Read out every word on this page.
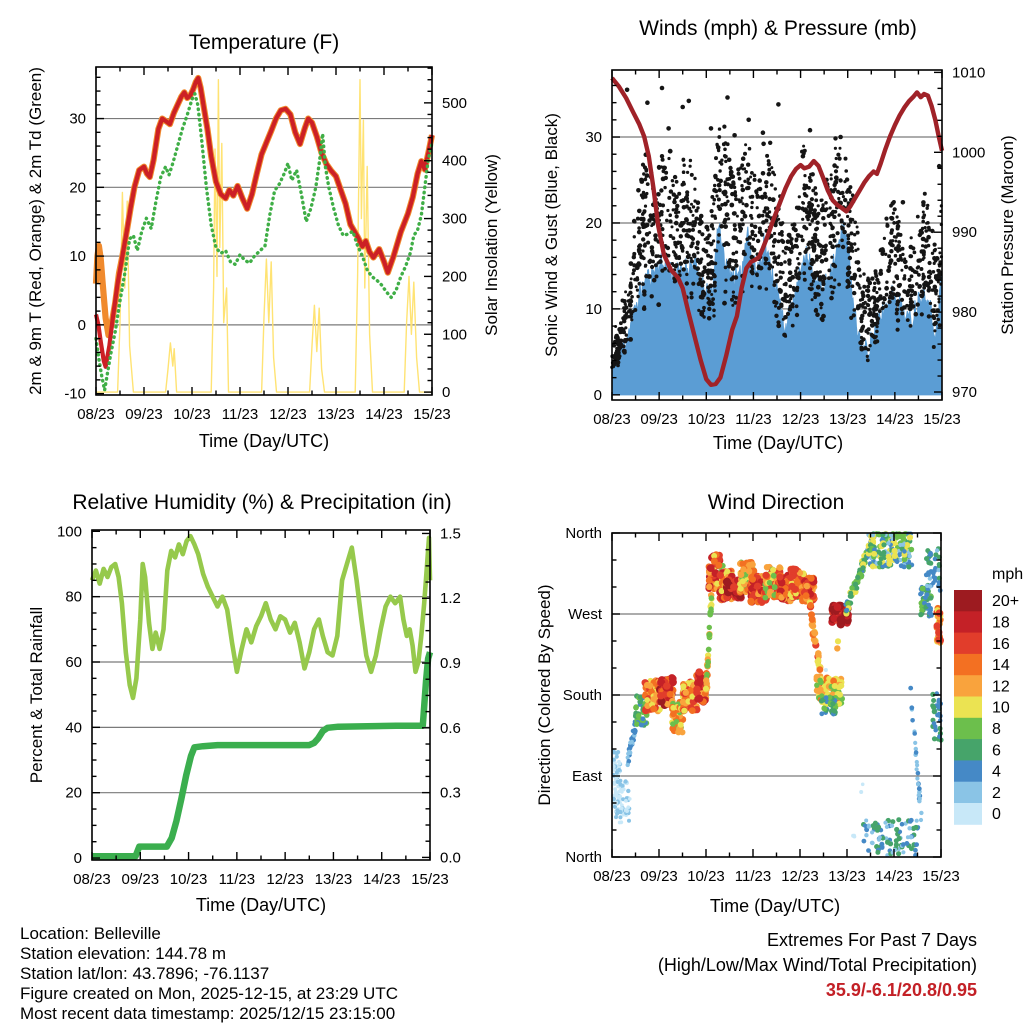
08/23 09/23 10/23 11/23 12/23 13/23 14/23 15/23
-10
0
10
20
30
0
100
200
300
400
500
08/23 09/23 10/23 11/23 12/23 13/23 14/23 15/23
0
10
20
30
970
980
990
1000
1010
08/23 09/23 10/23 11/23 12/23 13/23 14/23 15/23
0
20
40
60
80
100
0.0
0.3
0.6
0.9
1.2
1.5
08/23 09/23 10/23 11/23 12/23 13/23 14/23 15/23
North
East
South
West
North
20+
18
16
14
12
10
8
6
4
2
0
Temperature (F)
Winds (mph) & Pressure (mb)
Relative Humidity (%) & Precipitation (in)	Wind Direction
Time (Day/UTC)	Time (Day/UTC)
Time (Day/UTC)	Time (Day/UTC)
2m & 9m T (Red, Orange) & 2m Td (Green)	Solar Insolation (Yellow) Sonic Wind & Gust (Blue, Black)	Station Pressure (Maroon)
Percent & Total Rainfall	Direction (Colored By Speed)
mph
Location: Belleville
Station elevation: 144.78 m
Station lat/lon: 43.7896; -76.1137
Figure created on Mon, 2025-12-15, at 23:29 UTC
Most recent data timestamp: 2025/12/15 23:15:00
Extremes For Past 7 Days
(High/Low/Max Wind/Total Precipitation)
35.9/-6.1/20.8/0.95
